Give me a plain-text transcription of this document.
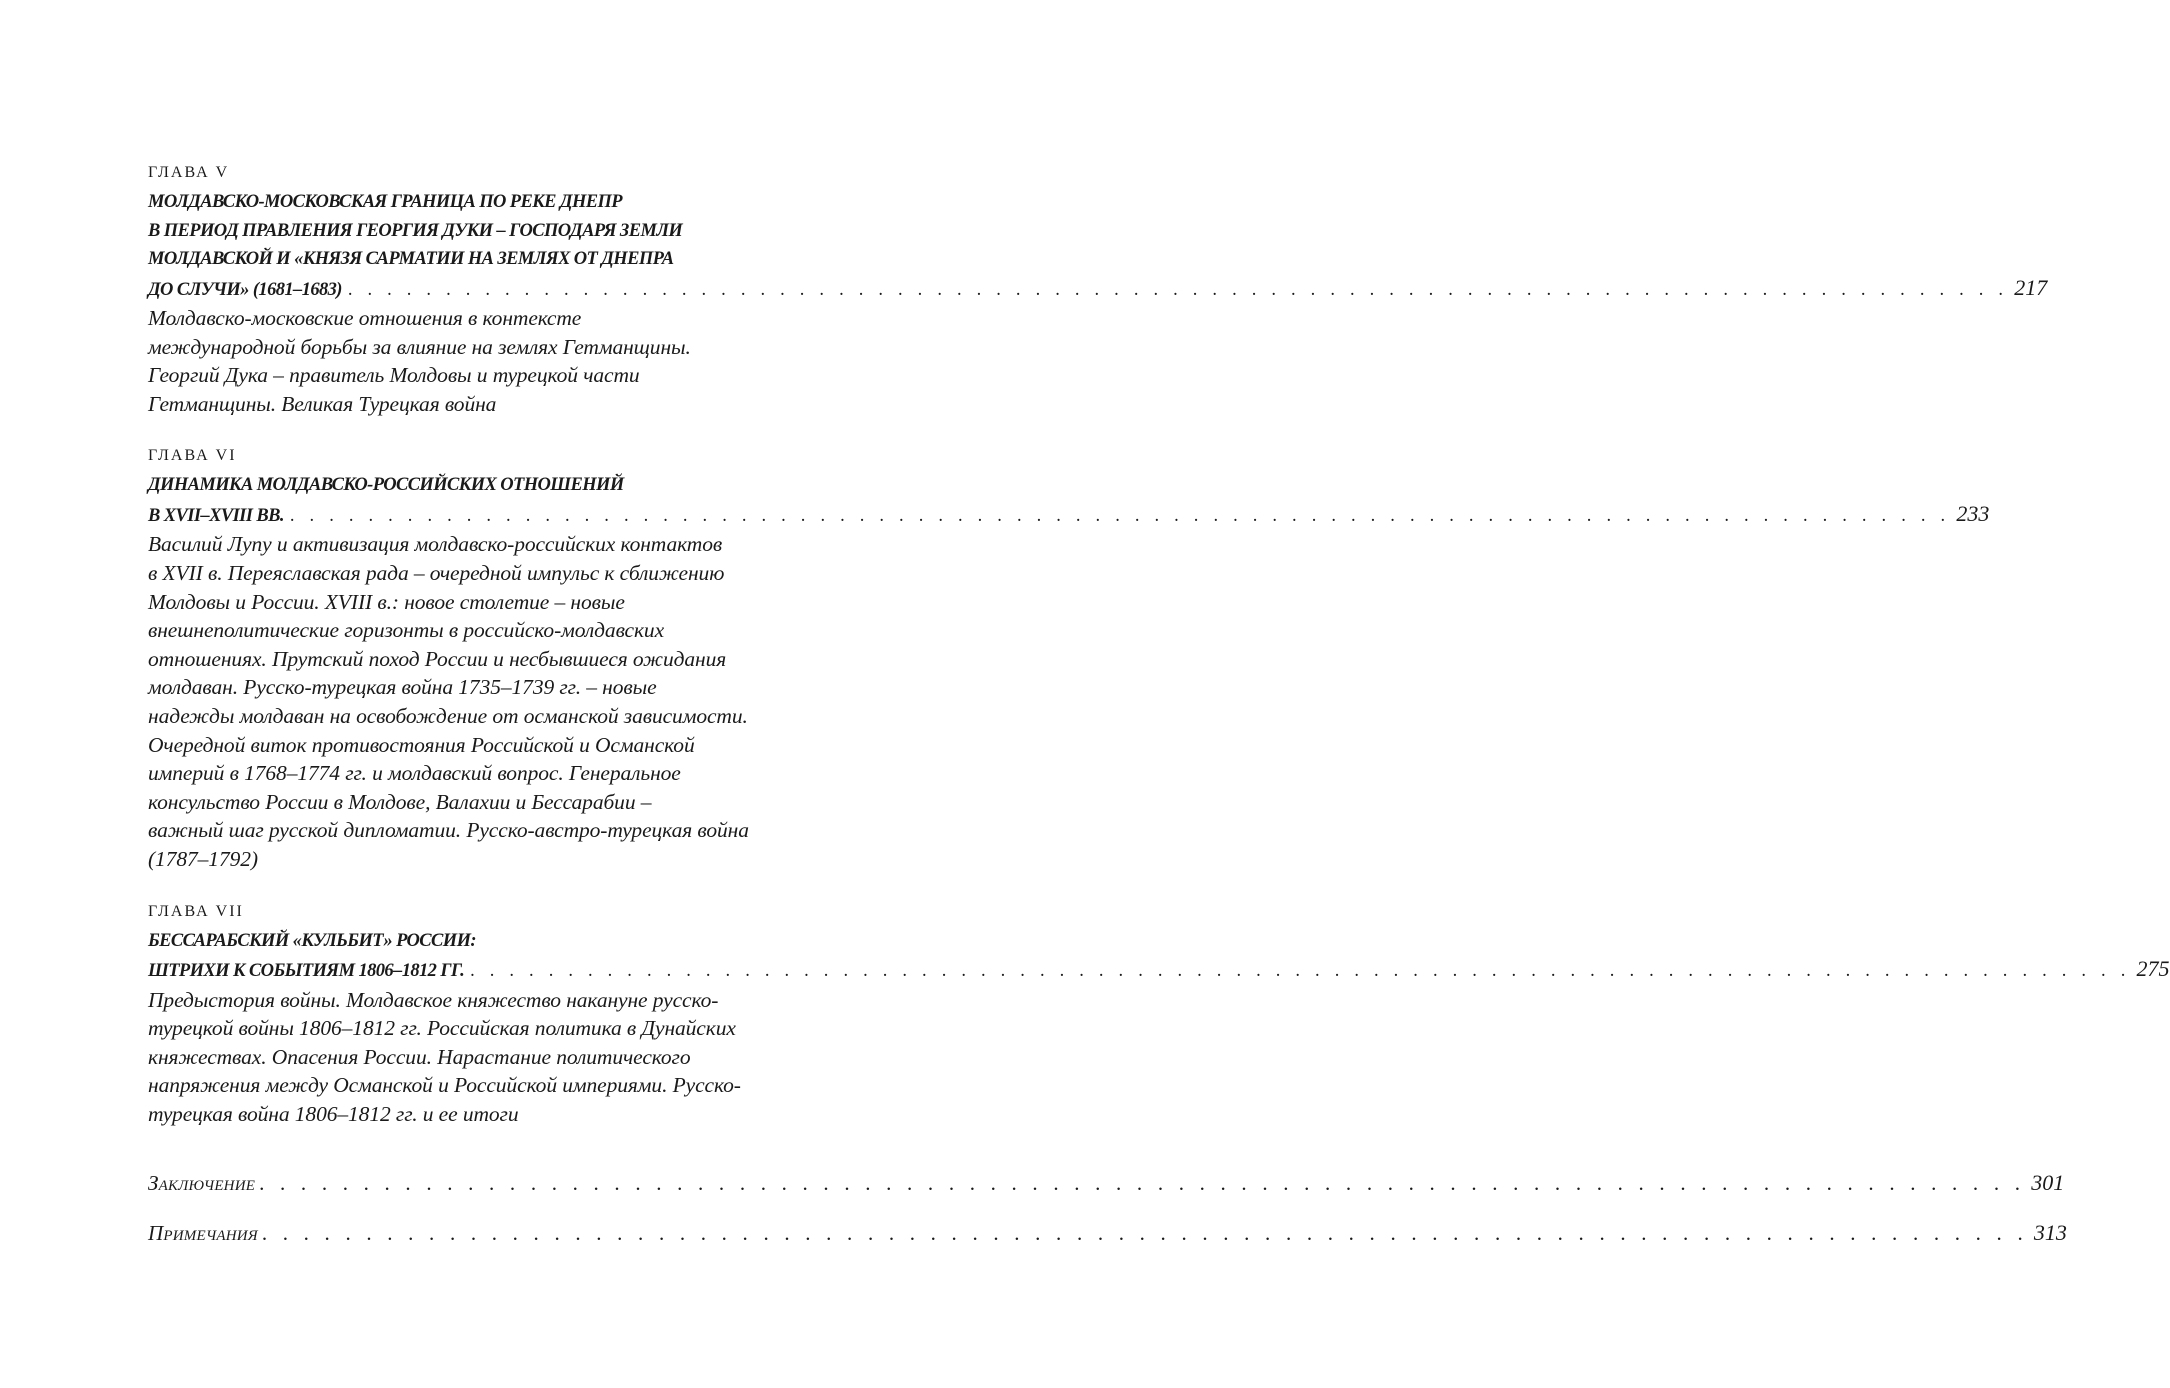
ГЛАВА V
МОЛДАВСКО-МОСКОВСКАЯ ГРАНИЦА ПО РЕКЕ ДНЕПР
В ПЕРИОД ПРАВЛЕНИЯ ГЕОРГИЯ ДУКИ – ГОСПОДАРЯ ЗЕМЛИ
МОЛДАВСКОЙ И «КНЯЗЯ САРМАТИИ НА ЗЕМЛЯХ ОТ ДНЕПРА
ДО СЛУЧИ» (1681–1683) . . . . . . . . . . . . . . . . . . . . . . . . . . . . . . . . . . . . . . . . . . . . . . . . . . . . . . . . . . . . . . . . . . . . . . . . . . . . . . . . . . . . . 217
Молдавско-московские отношения в контексте
международной борьбы за влияние на землях Гетманщины.
Георгий Дука – правитель Молдовы и турецкой части
Гетманщины. Великая Турецкая война
ГЛАВА VI
ДИНАМИКА МОЛДАВСКО-РОССИЙСКИХ ОТНОШЕНИЙ
В XVII–XVIII ВВ. . . . . . . . . . . . . . . . . . . . . . . . . . . . . . . . . . . . . . . . . . . . . . . . . . . . . . . . . . . . . . . . . . . . . . . . . . . . . . . . . . . . . . 233
Василий Лупу и активизация молдавско-российских контактов
в XVII в. Переяславская рада – очередной импульс к сближению
Молдовы и России. XVIII в.: новое столетие – новые
внешнеполитические горизонты в российско-молдавских
отношениях. Прутский поход России и несбывшиеся ожидания
молдаван. Русско-турецкая война 1735–1739 гг. – новые
надежды молдаван на освобождение от османской зависимости.
Очередной виток противостояния Российской и Османской
империй в 1768–1774 гг. и молдавский вопрос. Генеральное
консульство России в Молдове, Валахии и Бессарабии –
важный шаг русской дипломатии. Русско-австро-турецкая война
(1787–1792)
ГЛАВА VII
БЕССАРАБСКИЙ «КУЛЬБИТ» РОССИИ:
ШТРИХИ К СОБЫТИЯМ 1806–1812 ГГ. . . . . . . . . . . . . . . . . . . . . . . . . . . . . . . . . . . . . . . . . . . . . . . . . . . . . . . . . . . . . . . . . . . . . . . . . . . . . . . . . . . . . . 275
Предыстория войны. Молдавское княжество накануне русско-
турецкой войны 1806–1812 гг. Российская политика в Дунайских
княжествах. Опасения России. Нарастание политического
напряжения между Османской и Российской империями. Русско-
турецкая война 1806–1812 гг. и ее итоги
Заключение . . . . . . . . . . . . . . . . . . . . . . . . . . . . . . . . . . . . . . . . . . . . . . . . . . . . . . . . . . . . . . . . . . . . . . . . . . . . . . . . . . . . . 301
Примечания . . . . . . . . . . . . . . . . . . . . . . . . . . . . . . . . . . . . . . . . . . . . . . . . . . . . . . . . . . . . . . . . . . . . . . . . . . . . . . . . . . . . . 313
